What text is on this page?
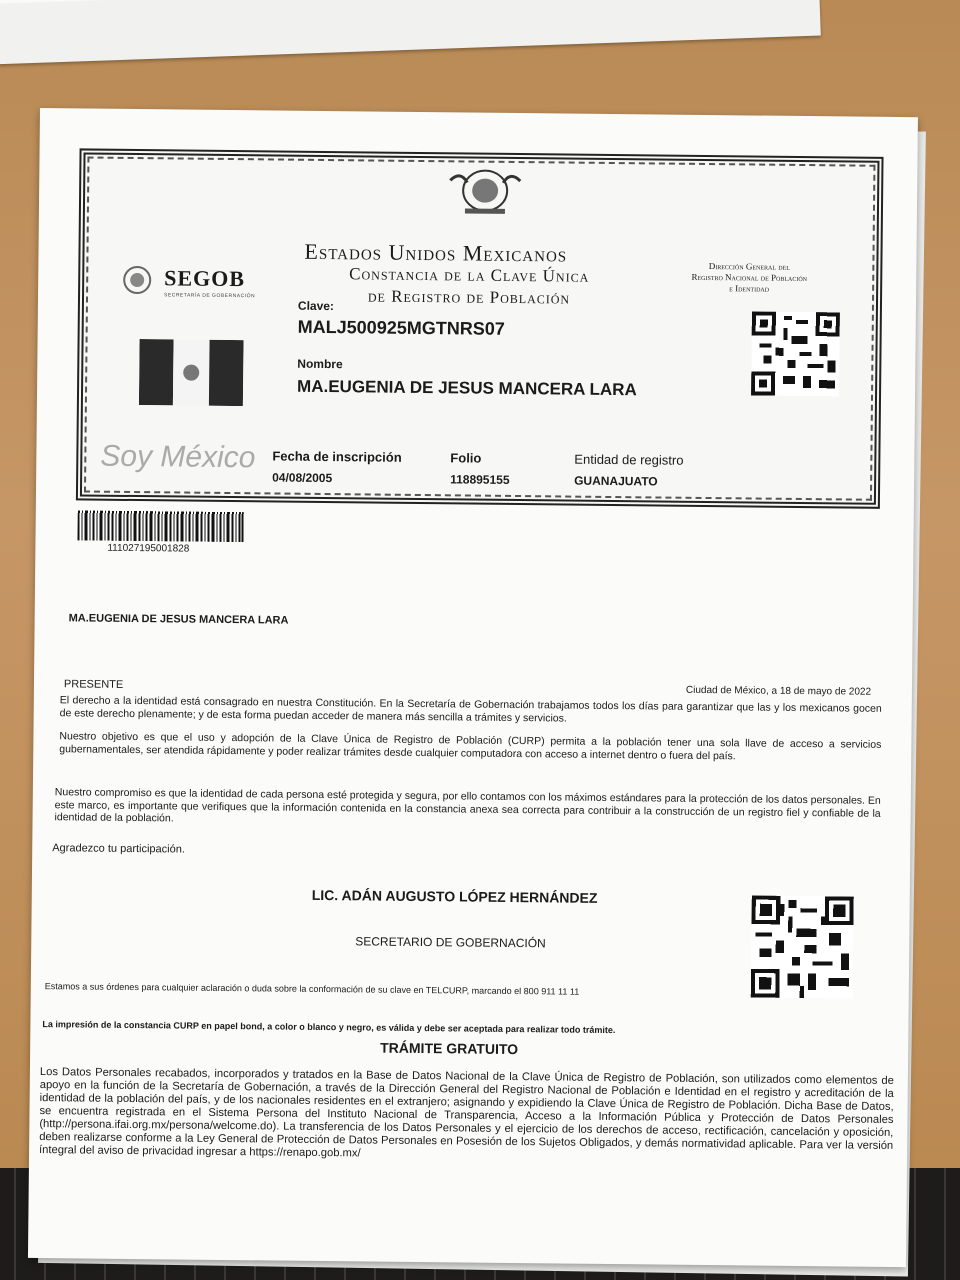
Estados Unidos Mexicanos
Constancia de la Clave Única
de Registro de Población
Dirección General del
Registro Nacional de Población
e Identidad
SEGOB
SECRETARÍA DE GOBERNACIÓN
Soy México
Clave:
MALJ500925MGTNRS07
Nombre
MA.EUGENIA DE JESUS MANCERA LARA
Fecha de inscripción
04/08/2005
Folio
118895155
Entidad de registro
GUANAJUATO
111027195001828
MA.EUGENIA DE JESUS MANCERA LARA
PRESENTE
Ciudad de México, a 18 de mayo de 2022
El derecho a la identidad está consagrado en nuestra Constitución. En la Secretaría de Gobernación trabajamos todos los días para garantizar que las y los mexicanos gocen de este derecho plenamente; y de esta forma puedan acceder de manera más sencilla a trámites y servicios.
Nuestro objetivo es que el uso y adopción de la Clave Única de Registro de Población (CURP) permita a la población tener una sola llave de acceso a servicios gubernamentales, ser atendida rápidamente y poder realizar trámites desde cualquier computadora con acceso a internet dentro o fuera del país.
Nuestro compromiso es que la identidad de cada persona esté protegida y segura, por ello contamos con los máximos estándares para la protección de los datos personales. En este marco, es importante que verifiques que la información contenida en la constancia anexa sea correcta para contribuir a la construcción de un registro fiel y confiable de la identidad de la población.
Agradezco tu participación.
LIC. ADÁN AUGUSTO LÓPEZ HERNÁNDEZ
SECRETARIO DE GOBERNACIÓN
Estamos a sus órdenes para cualquier aclaración o duda sobre la conformación de su clave en TELCURP, marcando el 800 911 11 11
La impresión de la constancia CURP en papel bond, a color o blanco y negro, es válida y debe ser aceptada para realizar todo trámite.
TRÁMITE GRATUITO
Los Datos Personales recabados, incorporados y tratados en la Base de Datos Nacional de la Clave Única de Registro de Población, son utilizados como elementos de apoyo en la función de la Secretaría de Gobernación, a través de la Dirección General del Registro Nacional de Población e Identidad en el registro y acreditación de la identidad de la población del país, y de los nacionales residentes en el extranjero; asignando y expidiendo la Clave Única de Registro de Población. Dicha Base de Datos, se encuentra registrada en el Sistema Persona del Instituto Nacional de Transparencia, Acceso a la Información Pública y Protección de Datos Personales (http://persona.ifai.org.mx/persona/welcome.do). La transferencia de los Datos Personales y el ejercicio de los derechos de acceso, rectificación, cancelación y oposición, deben realizarse conforme a la Ley General de Protección de Datos Personales en Posesión de los Sujetos Obligados, y demás normatividad aplicable. Para ver la versión íntegral del aviso de privacidad ingresar a https://renapo.gob.mx/
